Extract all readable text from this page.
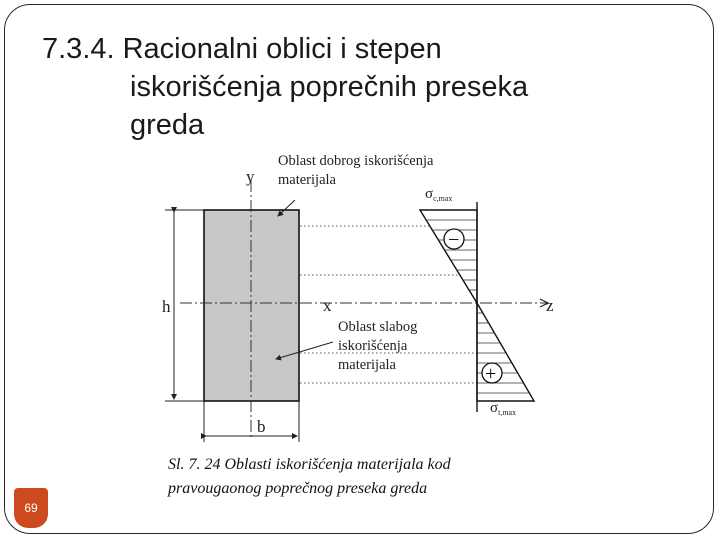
7.3.4. Racionalni oblici i stepen
iskorišćenja poprečnih preseka
greda
y
x	z
h
b
−
+
$\sigma_{c,max}$
$\sigma_{t,max}$
Oblast dobrog iskorišćenja
materijala
Oblast slabog
iskorišćenja
materijala
Sl. 7. 24 Oblasti iskorišćenja materijala kod
pravougaonog poprečnog preseka greda
69
